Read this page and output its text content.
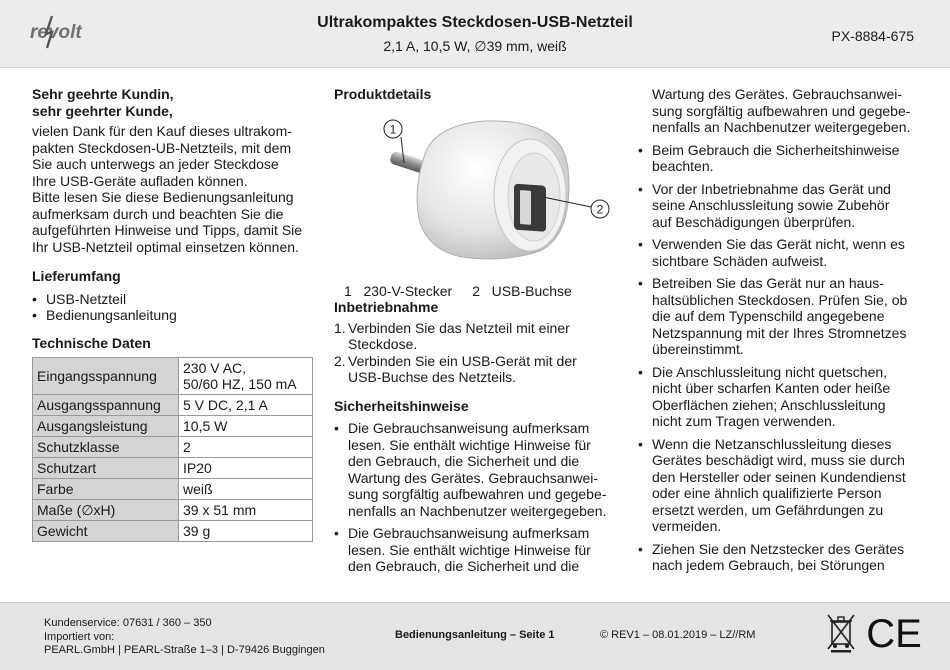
revolt	Ultrakompaktes Steckdosen-USB-Netzteil
2,1 A, 10,5 W, ∅39 mm, weiß
PX-8884-675

Sehr geehrte Kundin,

sehr geehrter Kunde,

vielen Dank für den Kauf dieses ultrakom-

pakten Steckdosen-UB-Netzteils, mit dem

Sie auch unterwegs an jeder Steckdose

Ihre USB-Geräte aufladen können.

Bitte lesen Sie diese Bedienungsanleitung

aufmerksam durch und beachten Sie die

aufgeführten Hinweise und Tipps, damit Sie

Ihr USB-Netzteil optimal einsetzen können.

Lieferumfang
• USB-Netzteil
• Bedienungsanleitung
Technische Daten
Eingangsspannung	230 V AC,
50/60 HZ, 150 mA

Ausgangsspannung	5 V DC, 2,1 A
Ausgangsleistung	10,5 W
Schutzklasse	2
Schutzart	IP20
Farbe	weiß
Maße (∅xH)	39 x 51 mm
Gewicht	39 g
Produktdetails
1
2
1 230-V-Stecker 2 USB-Buchse
Inbetriebnahme
1. Verbinden Sie das Netzteil mit einer
Steckdose.
2. Verbinden Sie ein USB-Gerät mit der
USB-Buchse des Netzteils.
Sicherheitshinweise
• Die Gebrauchsanweisung aufmerksam
lesen. Sie enthält wichtige Hinweise für
den Gebrauch, die Sicherheit und die
Wartung des Gerätes. Gebrauchsanwei-
sung sorgfältig aufbewahren und gegebe-
nenfalls an Nachbenutzer weitergegeben.
• Die Gebrauchsanweisung aufmerksam
lesen. Sie enthält wichtige Hinweise für
den Gebrauch, die Sicherheit und die
Wartung des Gerätes. Gebrauchsanwei-
sung sorgfältig aufbewahren und gegebe-
nenfalls an Nachbenutzer weitergegeben.
• Beim Gebrauch die Sicherheitshinweise
beachten.
• Vor der Inbetriebnahme das Gerät und
seine Anschlussleitung sowie Zubehör
auf Beschädigungen überprüfen.
• Verwenden Sie das Gerät nicht, wenn es
sichtbare Schäden aufweist.
• Betreiben Sie das Gerät nur an haus-
haltsüblichen Steckdosen. Prüfen Sie, ob
die auf dem Typenschild angegebene
Netzspannung mit der Ihres Stromnetzes
übereinstimmt.
• Die Anschlussleitung nicht quetschen,
nicht über scharfen Kanten oder heiße
Oberflächen ziehen; Anschlussleitung
nicht zum Tragen verwenden.
• Wenn die Netzanschlussleitung dieses
Gerätes beschädigt wird, muss sie durch
den Hersteller oder seinen Kundendienst
oder eine ähnlich qualifizierte Person
ersetzt werden, um Gefährdungen zu
vermeiden.
• Ziehen Sie den Netzstecker des Gerätes
nach jedem Gebrauch, bei Störungen
Kundenservice: 07631 / 360 – 350
Importiert von:
PEARL.GmbH | PEARL-Straße 1–3 | D-79426 Buggingen
Bedienungsanleitung – Seite 1	© REV1 – 08.01.2019 – LZ//RM	CE
